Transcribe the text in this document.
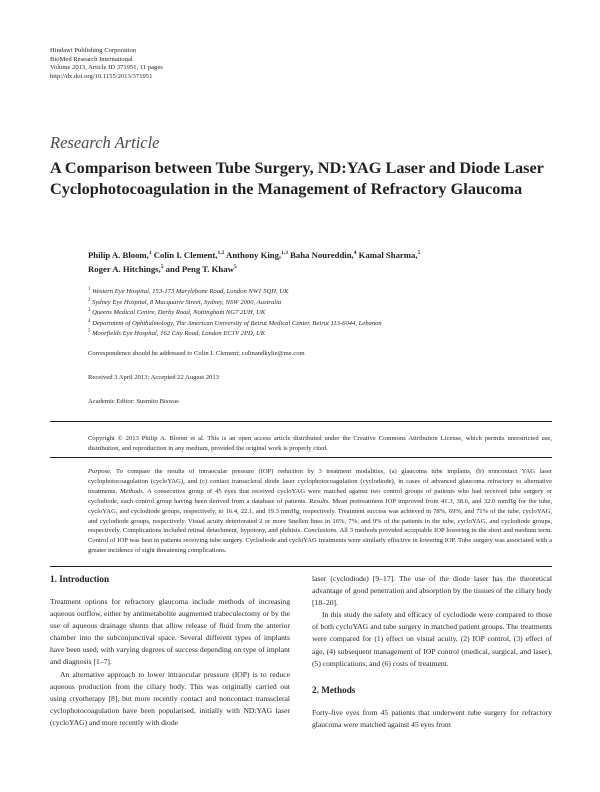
Hindawi Publishing Corporation
BioMed Research International
Volume 2013, Article ID 371951, 11 pages
http://dx.doi.org/10.1155/2013/371951
Research Article
A Comparison between Tube Surgery, ND:YAG Laser and Diode Laser Cyclophotocoagulation in the Management of Refractory Glaucoma
Philip A. Bloom,$^1$ Colin I. Clement,$^{1,2}$ Anthony King,$^{1,3}$ Baha Noureddin,$^4$ Kamal Sharma,$^5$
Roger A. Hitchings,$^5$ and Peng T. Khaw$^5$
$^1$ Western Eye Hospital, 153-173 Marylebone Road, London NW1 5QH, UK
$^2$ Sydney Eye Hospital, 8 Macquarie Street, Sydney, NSW 2000, Australia
$^3$ Queens Medical Centre, Derby Road, Nottingham NG7 2UH, UK
$^4$ Department of Ophthalmology, The American University of Beirut Medical Center, Beirut 113-6044, Lebanon
$^5$ Moorfields Eye Hospital, 162 City Road, London EC1V 2PD, UK
Correspondence should be addressed to Colin I. Clement; colinandkylie@me.com
Received 3 April 2013; Accepted 22 August 2013
Academic Editor: Susmito Biswas
Copyright © 2013 Philip A. Bloom et al. This is an open access article distributed under the Creative Commons Attribution License, which permits unrestricted use, distribution, and reproduction in any medium, provided the original work is properly cited.
Purpose. To compare the results of intraocular pressure (IOP) reduction by 3 treatment modalities, (a) glaucoma tube implants, (b) noncontact YAG laser cyclophotocoagulation (cycloYAG), and (c) contact transscleral diode laser cyclophotocoagulation (cyclodiode), in cases of advanced glaucoma refractory to alternative treatments. Methods. A consecutive group of 45 eyes that received cycloYAG were matched against two control groups of patients who had received tube surgery or cyclodiode, each control group having been derived from a database of patients. Results. Mean pretreatment IOP improved from 41.3, 38.6, and 32.0 mmHg for the tube, cycloYAG, and cyclodiode groups, respectively, to 16.4, 22.1, and 19.3 mmHg, respectively. Treatment success was achieved in 78%, 69%, and 71% of the tube, cycloYAG, and cyclodiode groups, respectively. Visual acuity deteriorated 2 or more Snellen lines in 16%, 7%, and 9% of the patients in the tube, cycloYAG, and cyclodiode groups, respectively. Complications included retinal detachment, hypotony, and phthisis. Conclusions. All 3 methods provided acceptable IOP lowering in the short and medium term. Control of IOP was best in patients receiving tube surgery. Cyclodiode and cycloYAG treatments were similarly effective in lowering IOP. Tube surgery was associated with a greater incidence of sight threatening complications.
1. Introduction

Treatment options for refractory glaucoma include methods of increasing aqueous outflow, either by antimetabolite augmented trabeculectomy or by the use of aqueous drainage shunts that allow release of fluid from the anterior chamber into the subconjunctival space. Several different types of implants have been used, with varying degrees of success depending on type of implant and diagnosis [1–7].

An alternative approach to lower intraocular pressure (IOP) is to reduce aqueous production from the ciliary body. This was originally carried out using cryotherapy [8], but more recently contact and noncontact transscleral cyclophotocoagulation have been popularised, initially with ND:YAG laser (cycloYAG) and more recently with diode

laser (cyclodiode) [9–17]. The use of the diode laser has the theoretical advantage of good penetration and absorption by the tissues of the ciliary body [18–20].

In this study the safety and efficacy of cyclodiode were compared to those of both cycloYAG and tube surgery in matched patient groups. The treatments were compared for (1) effect on visual acuity, (2) IOP control, (3) effect of age, (4) subsequent management of IOP control (medical, surgical, and laser), (5) complications, and (6) costs of treatment.

2. Methods

Forty-five eyes from 45 patients that underwent tube surgery for refractory glaucoma were matched against 45 eyes from
